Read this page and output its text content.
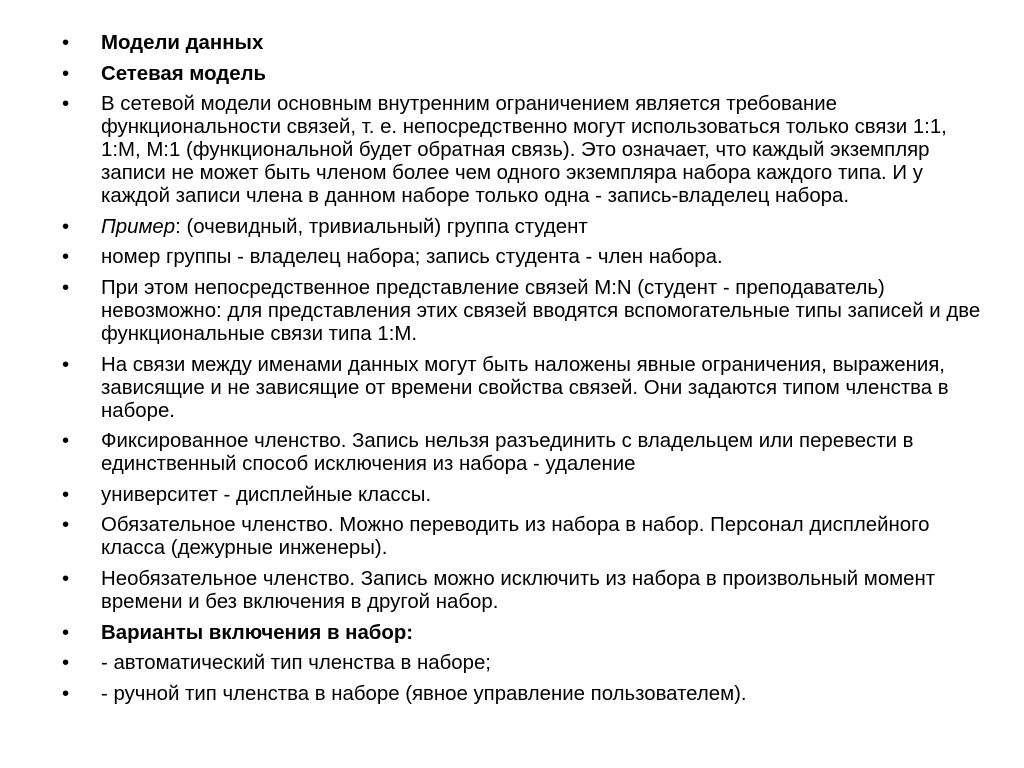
•	Модели данных
•	Сетевая модель
•	В сетевой модели основным внутренним ограничением является требование функциональности связей, т. е. непосредственно могут использоваться только связи 1:1, 1:M, M:1 (функциональной будет обратная связь). Это означает, что каждый экземпляр записи не может быть членом более чем одного экземпляра набора каждого типа. И у каждой записи члена в данном наборе только одна - запись-владелец набора.
•	Пример: (очевидный, тривиальный) группа студент
•	номер группы - владелец набора; запись студента - член набора.
•	При этом непосредственное представление связей M:N (студент - преподаватель) невозможно: для представления этих связей вводятся вспомогательные типы записей и две функциональные связи типа 1:M.
•	На связи между именами данных могут быть наложены явные ограничения, выражения, зависящие и не зависящие от времени свойства связей. Они задаются типом членства в наборе.
•	Фиксированное членство. Запись нельзя разъединить с владельцем или перевести в единственный способ исключения из набора - удаление
•	университет - дисплейные классы.
•	Обязательное членство. Можно переводить из набора в набор. Персонал дисплейного класса (дежурные инженеры).
•	Необязательное членство. Запись можно исключить из набора в произвольный момент времени и без включения в другой набор.
•	Варианты включения в набор:
•	- автоматический тип членства в наборе;
•	- ручной тип членства в наборе (явное управление пользователем).
